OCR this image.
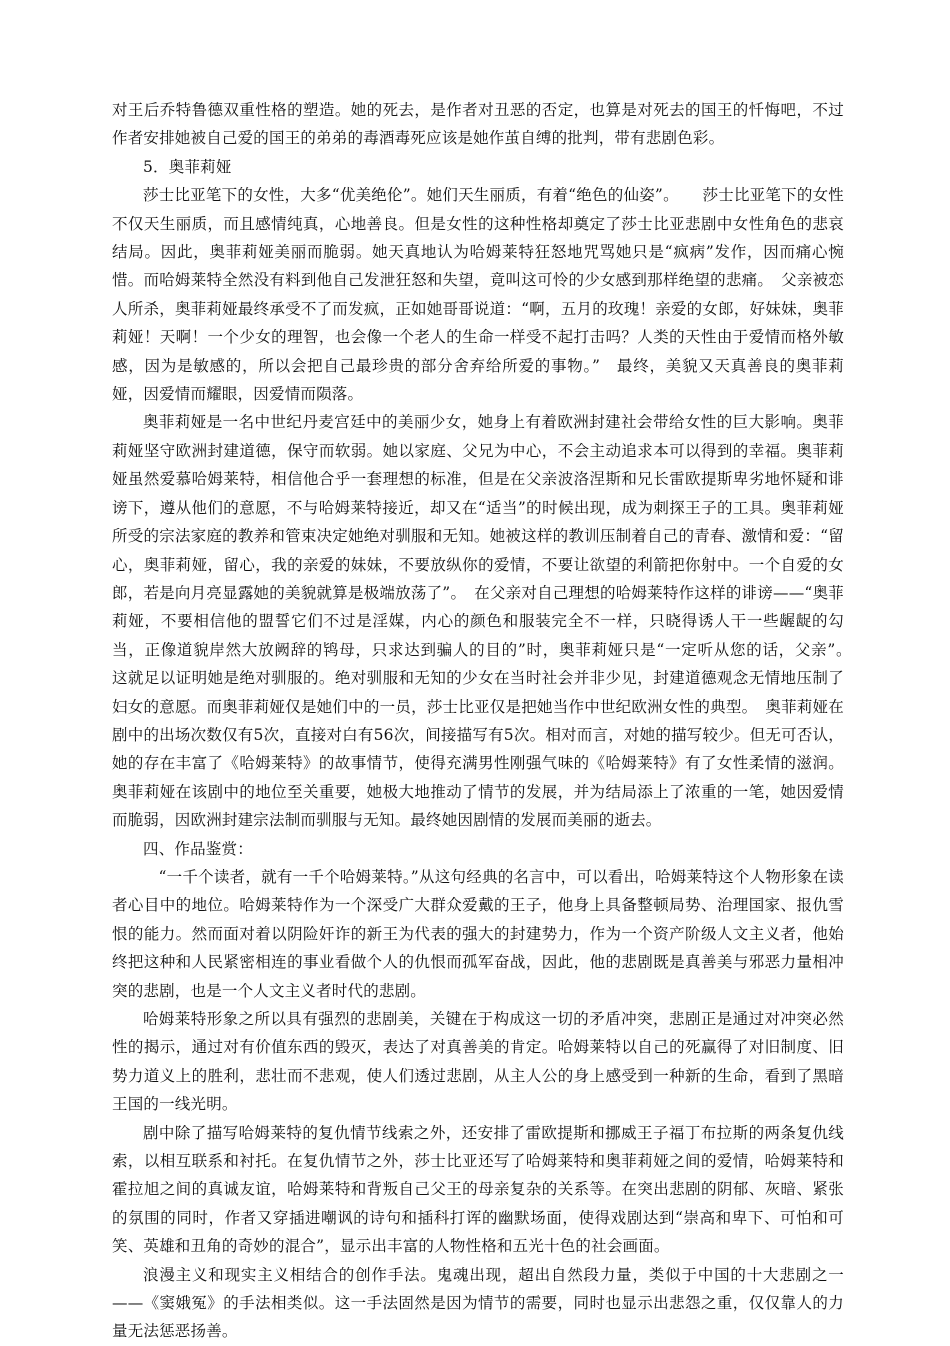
对王后乔特鲁德双重性格的塑造。她的死去，是作者对丑恶的否定，也算是对死去的国王的忏悔吧，不过作者安排她被自己爱的国王的弟弟的毒酒毒死应该是她作茧自缚的批判，带有悲剧色彩。

5．奥菲莉娅

莎士比亚笔下的女性，大多“优美绝伦”。她们天生丽质，有着“绝色的仙姿”。　　莎士比亚笔下的女性不仅天生丽质，而且感情纯真，心地善良。但是女性的这种性格却奠定了莎士比亚悲剧中女性角色的悲哀结局。因此，奥菲莉娅美丽而脆弱。她天真地认为哈姆莱特狂怒地咒骂她只是“疯病”发作，因而痛心惋惜。而哈姆莱特全然没有料到他自己发泄狂怒和失望，竟叫这可怜的少女感到那样绝望的悲痛。　父亲被恋人所杀，奥菲莉娅最终承受不了而发疯，正如她哥哥说道：“啊，五月的玫瑰！亲爱的女郎，好妹妹，奥菲莉娅！天啊！一个少女的理智，也会像一个老人的生命一样受不起打击吗？人类的天性由于爱情而格外敏感，因为是敏感的，所以会把自己最珍贵的部分舍弃给所爱的事物。”　最终，美貌又天真善良的奥菲莉娅，因爱情而耀眼，因爱情而陨落。

奥菲莉娅是一名中世纪丹麦宫廷中的美丽少女，她身上有着欧洲封建社会带给女性的巨大影响。奥菲莉娅坚守欧洲封建道德，保守而软弱。她以家庭、父兄为中心，不会主动追求本可以得到的幸福。奥菲莉娅虽然爱慕哈姆莱特，相信他合乎一套理想的标准，但是在父亲波洛涅斯和兄长雷欧提斯卑劣地怀疑和诽谤下，遵从他们的意愿，不与哈姆莱特接近，却又在“适当”的时候出现，成为刺探王子的工具。奥菲莉娅所受的宗法家庭的教养和管束决定她绝对驯服和无知。她被这样的教训压制着自己的青春、激情和爱：“留心，奥菲莉娅，留心，我的亲爱的妹妹，不要放纵你的爱情，不要让欲望的利箭把你射中。一个自爱的女郎，若是向月亮显露她的美貌就算是极端放荡了”。　在父亲对自己理想的哈姆莱特作这样的诽谤——“奥菲莉娅，不要相信他的盟誓它们不过是淫媒，内心的颜色和服装完全不一样，只晓得诱人干一些龌龊的勾当，正像道貌岸然大放阙辞的鸨母，只求达到骗人的目的”时，奥菲莉娅只是“一定听从您的话，父亲”。　这就足以证明她是绝对驯服的。绝对驯服和无知的少女在当时社会并非少见，封建道德观念无情地压制了妇女的意愿。而奥菲莉娅仅是她们中的一员，莎士比亚仅是把她当作中世纪欧洲女性的典型。　奥菲莉娅在剧中的出场次数仅有5次，直接对白有56次，间接描写有5次。相对而言，对她的描写较少。但无可否认，她的存在丰富了《哈姆莱特》的故事情节，使得充满男性刚强气味的《哈姆莱特》有了女性柔情的滋润。奥菲莉娅在该剧中的地位至关重要，她极大地推动了情节的发展，并为结局添上了浓重的一笔，她因爱情而脆弱，因欧洲封建宗法制而驯服与无知。最终她因剧情的发展而美丽的逝去。

四、作品鉴赏：

“一千个读者，就有一千个哈姆莱特。”从这句经典的名言中，可以看出，哈姆莱特这个人物形象在读者心目中的地位。哈姆莱特作为一个深受广大群众爱戴的王子，他身上具备整顿局势、治理国家、报仇雪恨的能力。然而面对着以阴险奸诈的新王为代表的强大的封建势力，作为一个资产阶级人文主义者，他始终把这种和人民紧密相连的事业看做个人的仇恨而孤军奋战，因此，他的悲剧既是真善美与邪恶力量相冲突的悲剧，也是一个人文主义者时代的悲剧。

哈姆莱特形象之所以具有强烈的悲剧美，关键在于构成这一切的矛盾冲突，悲剧正是通过对冲突必然性的揭示，通过对有价值东西的毁灭，表达了对真善美的肯定。哈姆莱特以自己的死赢得了对旧制度、旧势力道义上的胜利，悲壮而不悲观，使人们透过悲剧，从主人公的身上感受到一种新的生命，看到了黑暗王国的一线光明。

剧中除了描写哈姆莱特的复仇情节线索之外，还安排了雷欧提斯和挪威王子福丁布拉斯的两条复仇线索，以相互联系和衬托。在复仇情节之外，莎士比亚还写了哈姆莱特和奥菲莉娅之间的爱情，哈姆莱特和霍拉旭之间的真诚友谊，哈姆莱特和背叛自己父王的母亲复杂的关系等。在突出悲剧的阴郁、灰暗、紧张的氛围的同时，作者又穿插进嘲讽的诗句和插科打诨的幽默场面，使得戏剧达到“崇高和卑下、可怕和可笑、英雄和丑角的奇妙的混合”，显示出丰富的人物性格和五光十色的社会画面。

浪漫主义和现实主义相结合的创作手法。鬼魂出现，超出自然段力量，类似于中国的十大悲剧之一——《窦娥冤》的手法相类似。这一手法固然是因为情节的需要，同时也显示出悲怨之重，仅仅靠人的力量无法惩恶扬善。
